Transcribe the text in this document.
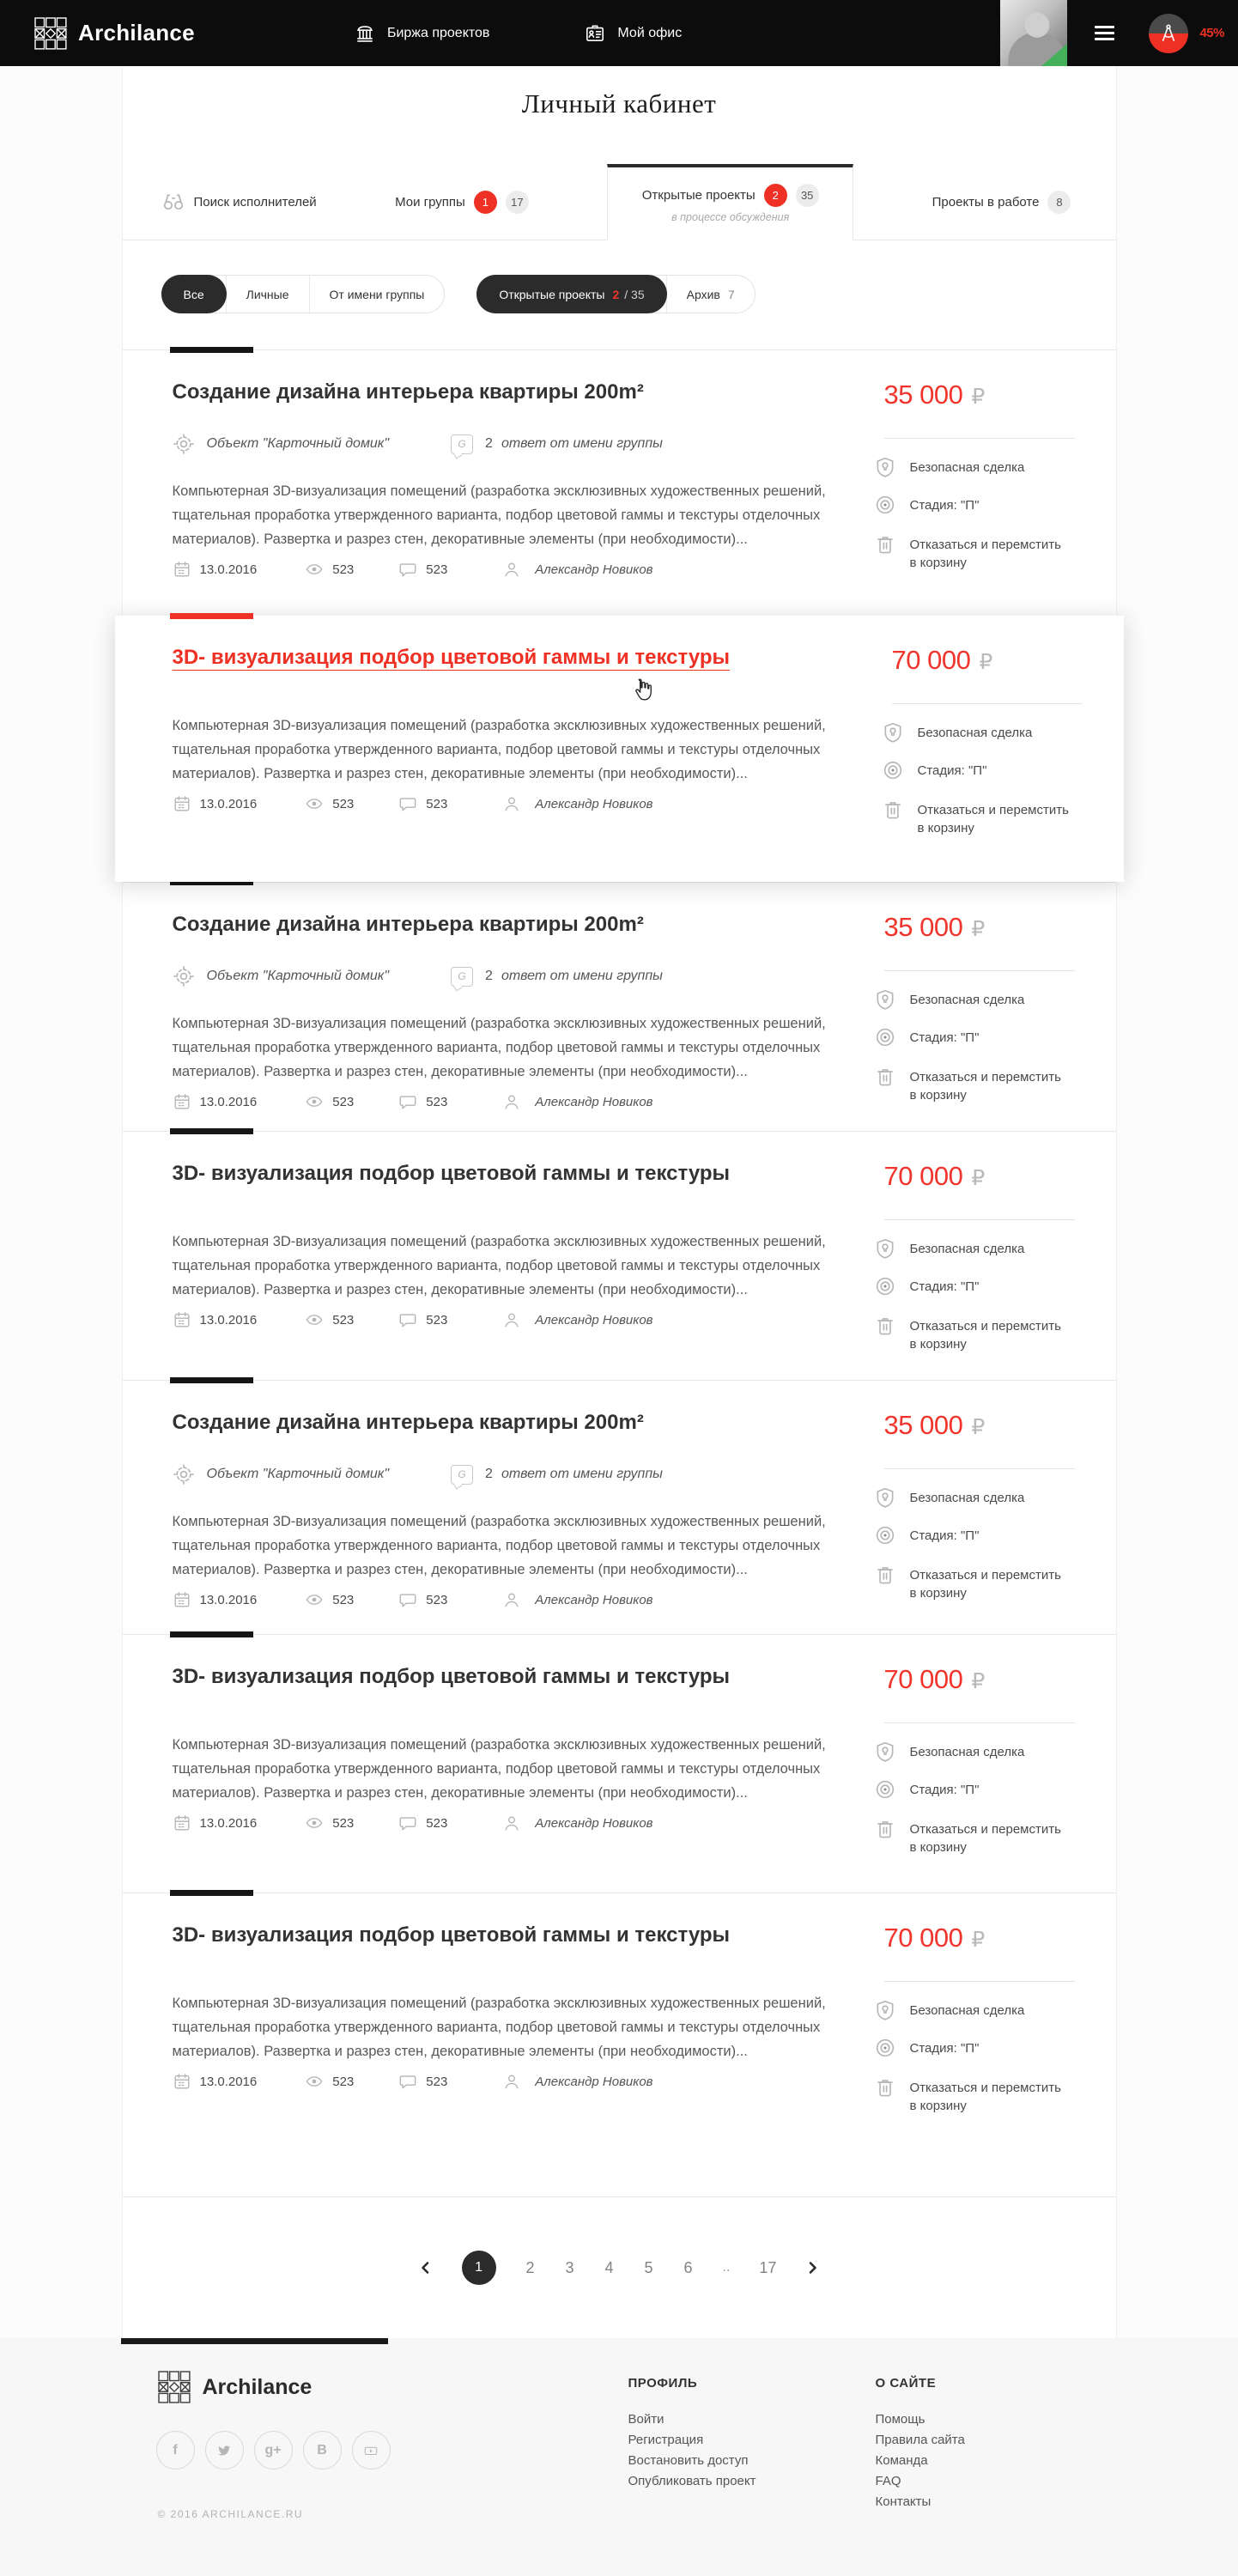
Archilance	Биржа проектов	Мой офис	45%
Личный кабинет
Поиск исполнителей	Мои группы	1	17	Открытые проекты	2	35
в процессе обсуждения
Проекты в работе	8
Все	Личные	От имени группы	Открытые проекты 2 / 35	Архив 7
Создание дизайна интерьера квартиры 200m²
Объект "Карточный домик"	G 2 ответ от имени группы

Компьютерная 3D-визуализация помещений (разработка эксклюзивных художественных решений,
тщательная проработка утвержденного варианта, подбор цветовой гаммы и текстуры отделочных
материалов). Развертка и разрез стен, декоративные элементы (при необходимости)...

13.0.2016	523	523	Александр Новиков
35 000 ₽
Безопасная сделка
Стадия: "П"
Отказаться и перемстить
в корзину
3D- визуализация подбор цветовой гаммы и текстуры

Компьютерная 3D-визуализация помещений (разработка эксклюзивных художественных решений,
тщательная проработка утвержденного варианта, подбор цветовой гаммы и текстуры отделочных
материалов). Развертка и разрез стен, декоративные элементы (при необходимости)...

13.0.2016	523	523	Александр Новиков
70 000 ₽
Безопасная сделка
Стадия: "П"
Отказаться и перемстить
в корзину
Создание дизайна интерьера квартиры 200m²
Объект "Карточный домик"	G 2 ответ от имени группы

Компьютерная 3D-визуализация помещений (разработка эксклюзивных художественных решений,
тщательная проработка утвержденного варианта, подбор цветовой гаммы и текстуры отделочных
материалов). Развертка и разрез стен, декоративные элементы (при необходимости)...

13.0.2016	523	523	Александр Новиков
35 000 ₽
Безопасная сделка
Стадия: "П"
Отказаться и перемстить
в корзину
3D- визуализация подбор цветовой гаммы и текстуры

Компьютерная 3D-визуализация помещений (разработка эксклюзивных художественных решений,
тщательная проработка утвержденного варианта, подбор цветовой гаммы и текстуры отделочных
материалов). Развертка и разрез стен, декоративные элементы (при необходимости)...

13.0.2016	523	523	Александр Новиков
70 000 ₽
Безопасная сделка
Стадия: "П"
Отказаться и перемстить
в корзину
Создание дизайна интерьера квартиры 200m²
Объект "Карточный домик"	G 2 ответ от имени группы

Компьютерная 3D-визуализация помещений (разработка эксклюзивных художественных решений,
тщательная проработка утвержденного варианта, подбор цветовой гаммы и текстуры отделочных
материалов). Развертка и разрез стен, декоративные элементы (при необходимости)...

13.0.2016	523	523	Александр Новиков
35 000 ₽
Безопасная сделка
Стадия: "П"
Отказаться и перемстить
в корзину
3D- визуализация подбор цветовой гаммы и текстуры

Компьютерная 3D-визуализация помещений (разработка эксклюзивных художественных решений,
тщательная проработка утвержденного варианта, подбор цветовой гаммы и текстуры отделочных
материалов). Развертка и разрез стен, декоративные элементы (при необходимости)...

13.0.2016	523	523	Александр Новиков
70 000 ₽
Безопасная сделка
Стадия: "П"
Отказаться и перемстить
в корзину
3D- визуализация подбор цветовой гаммы и текстуры

Компьютерная 3D-визуализация помещений (разработка эксклюзивных художественных решений,
тщательная проработка утвержденного варианта, подбор цветовой гаммы и текстуры отделочных
материалов). Развертка и разрез стен, декоративные элементы (при необходимости)...

13.0.2016	523	523	Александр Новиков
70 000 ₽
Безопасная сделка
Стадия: "П"
Отказаться и перемстить
в корзину
1	2 3 4 5 6 .. 17
Archilance
f	g+	B
© 2016 ARCHILANCE.RU
ПРОФИЛЬ
Войти
Регистрация
Востановить доступ
Опубликовать проект
О САЙТЕ
Помощь
Правила сайта
Команда
FAQ
Контакты
